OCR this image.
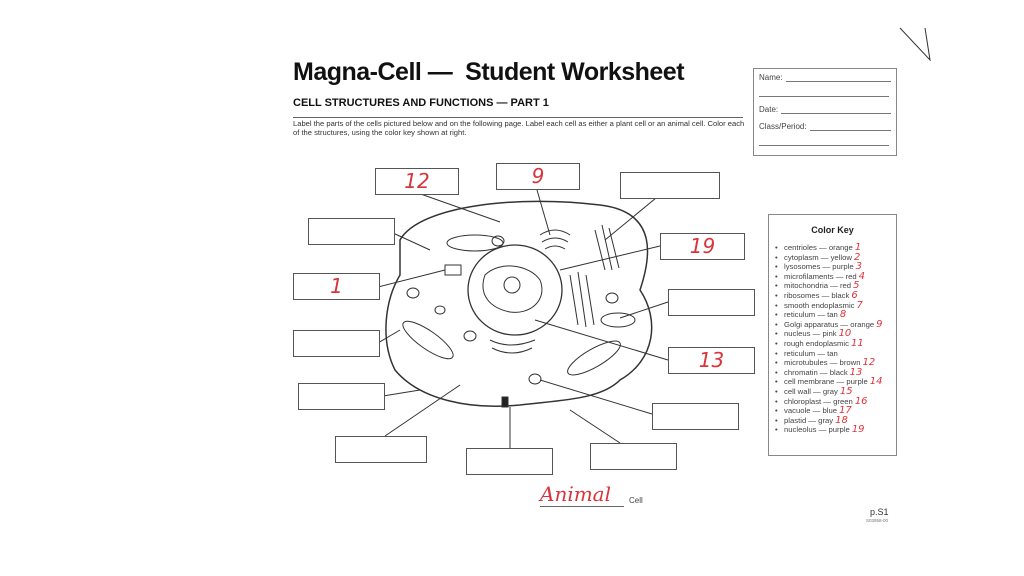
Magna-Cell —  Student Worksheet
CELL STRUCTURES AND FUNCTIONS — PART 1
Label the parts of the cells pictured below and on the following page. Label each cell as either a plant cell or an animal cell. Color each of the structures, using the color key shown at right.
Name:
Date:
Class/Period:
Color Key
• centrioles — orange 1
• cytoplasm — yellow 2
• lysosomes — purple 3
• microfilaments — red 4
• mitochondria — red 5
• ribosomes — black 6
• smooth endoplasmic 7
• reticulum — tan 8
• Golgi apparatus — orange 9
• nucleus — pink 10
• rough endoplasmic 11
• reticulum — tan
• microtubules — brown 12
• chromatin — black 13
• cell membrane — purple 14
• cell wall — gray 15
• chloroplast — green 16
• vacuole — blue 17
• plastid — gray 18
• nucleolus — purple 19
12	9
19
1
13
Animal	Cell
p.S1
S03958-00
